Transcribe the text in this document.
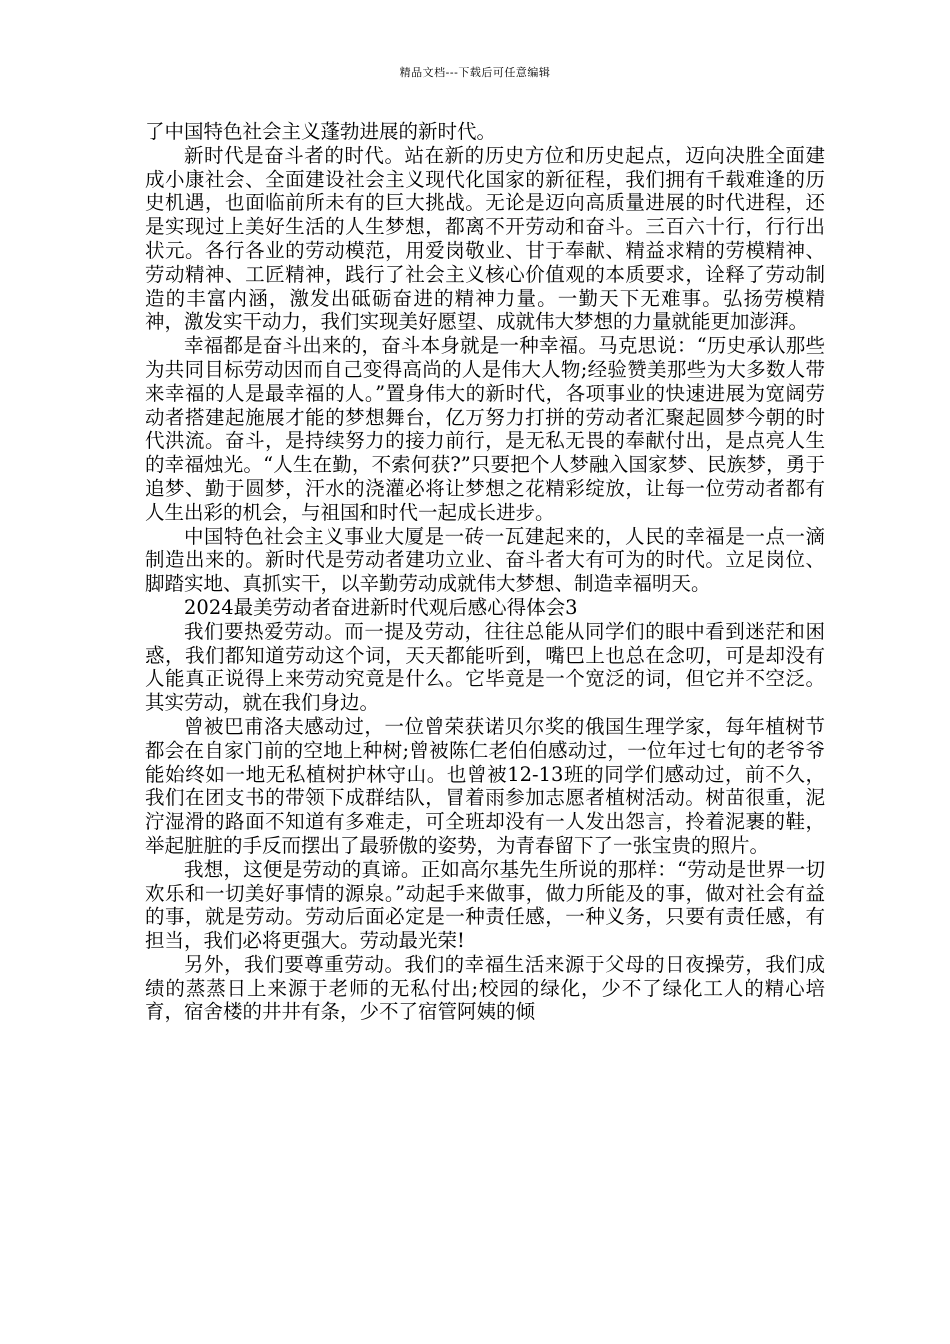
精品文档---下载后可任意编辑

了中国特色社会主义蓬勃进展的新时代。

新时代是奋斗者的时代。站在新的历史方位和历史起点，迈向决胜全面建成小康社会、全面建设社会主义现代化国家的新征程，我们拥有千载难逢的历史机遇，也面临前所未有的巨大挑战。无论是迈向高质量进展的时代进程，还是实现过上美好生活的人生梦想，都离不开劳动和奋斗。三百六十行，行行出状元。各行各业的劳动模范，用爱岗敬业、甘于奉献、精益求精的劳模精神、劳动精神、工匠精神，践行了社会主义核心价值观的本质要求，诠释了劳动制造的丰富内涵，激发出砥砺奋进的精神力量。一勤天下无难事。弘扬劳模精神，激发实干动力，我们实现美好愿望、成就伟大梦想的力量就能更加澎湃。

幸福都是奋斗出来的，奋斗本身就是一种幸福。马克思说：“历史承认那些为共同目标劳动因而自己变得高尚的人是伟大人物;经验赞美那些为大多数人带来幸福的人是最幸福的人。”置身伟大的新时代，各项事业的快速进展为宽阔劳动者搭建起施展才能的梦想舞台，亿万努力打拼的劳动者汇聚起圆梦今朝的时代洪流。奋斗，是持续努力的接力前行，是无私无畏的奉献付出，是点亮人生的幸福烛光。“人生在勤，不索何获?”只要把个人梦融入国家梦、民族梦，勇于追梦、勤于圆梦，汗水的浇灌必将让梦想之花精彩绽放，让每一位劳动者都有人生出彩的机会，与祖国和时代一起成长进步。

中国特色社会主义事业大厦是一砖一瓦建起来的，人民的幸福是一点一滴制造出来的。新时代是劳动者建功立业、奋斗者大有可为的时代。立足岗位、脚踏实地、真抓实干，以辛勤劳动成就伟大梦想、制造幸福明天。

2024最美劳动者奋进新时代观后感心得体会3

我们要热爱劳动。而一提及劳动，往往总能从同学们的眼中看到迷茫和困惑，我们都知道劳动这个词，天天都能听到，嘴巴上也总在念叨，可是却没有人能真正说得上来劳动究竟是什么。它毕竟是一个宽泛的词，但它并不空泛。其实劳动，就在我们身边。

曾被巴甫洛夫感动过，一位曾荣获诺贝尔奖的俄国生理学家，每年植树节都会在自家门前的空地上种树;曾被陈仁老伯伯感动过，一位年过七旬的老爷爷能始终如一地无私植树护林守山。也曾被12-13班的同学们感动过，前不久，我们在团支书的带领下成群结队，冒着雨参加志愿者植树活动。树苗很重，泥泞湿滑的路面不知道有多难走，可全班却没有一人发出怨言，拎着泥裹的鞋，举起脏脏的手反而摆出了最骄傲的姿势，为青春留下了一张宝贵的照片。

我想，这便是劳动的真谛。正如高尔基先生所说的那样：“劳动是世界一切欢乐和一切美好事情的源泉。”动起手来做事，做力所能及的事，做对社会有益的事，就是劳动。劳动后面必定是一种责任感，一种义务，只要有责任感，有担当，我们必将更强大。劳动最光荣!

另外，我们要尊重劳动。我们的幸福生活来源于父母的日夜操劳，我们成绩的蒸蒸日上来源于老师的无私付出;校园的绿化，少不了绿化工人的精心培育，宿舍楼的井井有条，少不了宿管阿姨的倾
